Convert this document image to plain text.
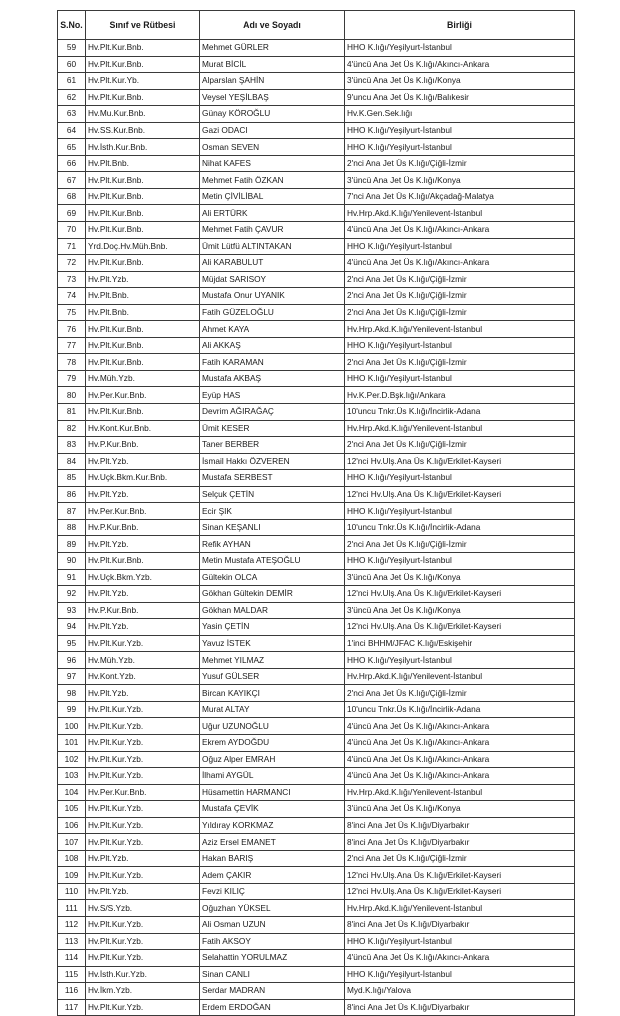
S.No.	Sınıf ve Rütbesi	Adı ve Soyadı	Birliği
59	Hv.Plt.Kur.Bnb.	Mehmet GÜRLER	HHO K.lığı/Yeşilyurt-İstanbul
60	Hv.Plt.Kur.Bnb.	Murat BİCİL	4'üncü Ana Jet Üs K.lığı/Akıncı-Ankara
61	Hv.Plt.Kur.Yb.	Alparslan ŞAHİN	3'üncü Ana Jet Üs K.lığı/Konya
62	Hv.Plt.Kur.Bnb.	Veysel YEŞİLBAŞ	9'uncu Ana Jet Üs K.lığı/Balıkesir
63	Hv.Mu.Kur.Bnb.	Günay KÖROĞLU	Hv.K.Gen.Sek.lığı
64	Hv.SS.Kur.Bnb.	Gazi ODACI	HHO K.lığı/Yeşilyurt-İstanbul
65	Hv.İsth.Kur.Bnb.	Osman SEVEN	HHO K.lığı/Yeşilyurt-İstanbul
66	Hv.Plt.Bnb.	Nihat KAFES	2'nci Ana Jet Üs K.lığı/Çiğli-İzmir
67	Hv.Plt.Kur.Bnb.	Mehmet Fatih ÖZKAN	3'üncü Ana Jet Üs K.lığı/Konya
68	Hv.Plt.Kur.Bnb.	Metin ÇİVİLİBAL	7'nci Ana Jet Üs K.lığı/Akçadağ-Malatya
69	Hv.Plt.Kur.Bnb.	Ali ERTÜRK	Hv.Hrp.Akd.K.lığı/Yenilevent-İstanbul
70	Hv.Plt.Kur.Bnb.	Mehmet Fatih ÇAVUR	4'üncü Ana Jet Üs K.lığı/Akıncı-Ankara
71	Yrd.Doç.Hv.Müh.Bnb.	Ümit Lütfü ALTINTAKAN	HHO K.lığı/Yeşilyurt-İstanbul
72	Hv.Plt.Kur.Bnb.	Ali KARABULUT	4'üncü Ana Jet Üs K.lığı/Akıncı-Ankara
73	Hv.Plt.Yzb.	Müjdat SARISOY	2'nci Ana Jet Üs K.lığı/Çiğli-İzmir
74	Hv.Plt.Bnb.	Mustafa Onur UYANIK	2'nci Ana Jet Üs K.lığı/Çiğli-İzmir
75	Hv.Plt.Bnb.	Fatih GÜZELOĞLU	2'nci Ana Jet Üs K.lığı/Çiğli-İzmir
76	Hv.Plt.Kur.Bnb.	Ahmet KAYA	Hv.Hrp.Akd.K.lığı/Yenilevent-İstanbul
77	Hv.Plt.Kur.Bnb.	Ali AKKAŞ	HHO K.lığı/Yeşilyurt-İstanbul
78	Hv.Plt.Kur.Bnb.	Fatih KARAMAN	2'nci Ana Jet Üs K.lığı/Çiğli-İzmir
79	Hv.Müh.Yzb.	Mustafa AKBAŞ	HHO K.lığı/Yeşilyurt-İstanbul
80	Hv.Per.Kur.Bnb.	Eyüp HAS	Hv.K.Per.D.Bşk.lığı/Ankara
81	Hv.Plt.Kur.Bnb.	Devrim AĞIRAĞAÇ	10'uncu Tnkr.Üs K.lığı/İncirlik-Adana
82	Hv.Kont.Kur.Bnb.	Ümit KESER	Hv.Hrp.Akd.K.lığı/Yenilevent-İstanbul
83	Hv.P.Kur.Bnb.	Taner BERBER	2'nci Ana Jet Üs K.lığı/Çiğli-İzmir
84	Hv.Plt.Yzb.	İsmail Hakkı ÖZVEREN	12'nci Hv.Ulş.Ana Üs K.lığı/Erkilet-Kayseri
85	Hv.Uçk.Bkm.Kur.Bnb.	Mustafa SERBEST	HHO K.lığı/Yeşilyurt-İstanbul
86	Hv.Plt.Yzb.	Selçuk ÇETİN	12'nci Hv.Ulş.Ana Üs K.lığı/Erkilet-Kayseri
87	Hv.Per.Kur.Bnb.	Ecir ŞIK	HHO K.lığı/Yeşilyurt-İstanbul
88	Hv.P.Kur.Bnb.	Sinan KEŞANLI	10'uncu Tnkr.Üs K.lığı/İncirlik-Adana
89	Hv.Plt.Yzb.	Refik AYHAN	2'nci Ana Jet Üs K.lığı/Çiğli-İzmir
90	Hv.Plt.Kur.Bnb.	Metin Mustafa ATEŞOĞLU	HHO K.lığı/Yeşilyurt-İstanbul
91	Hv.Uçk.Bkm.Yzb.	Gültekin OLCA	3'üncü Ana Jet Üs K.lığı/Konya
92	Hv.Plt.Yzb.	Gökhan Gültekin DEMİR	12'nci Hv.Ulş.Ana Üs K.lığı/Erkilet-Kayseri
93	Hv.P.Kur.Bnb.	Gökhan MALDAR	3'üncü Ana Jet Üs K.lığı/Konya
94	Hv.Plt.Yzb.	Yasin ÇETİN	12'nci Hv.Ulş.Ana Üs K.lığı/Erkilet-Kayseri
95	Hv.Plt.Kur.Yzb.	Yavuz İSTEK	1'inci BHHM/JFAC K.lığı/Eskişehir
96	Hv.Müh.Yzb.	Mehmet YILMAZ	HHO K.lığı/Yeşilyurt-İstanbul
97	Hv.Kont.Yzb.	Yusuf GÜLSER	Hv.Hrp.Akd.K.lığı/Yenilevent-İstanbul
98	Hv.Plt.Yzb.	Bircan KAYIKÇI	2'nci Ana Jet Üs K.lığı/Çiğli-İzmir
99	Hv.Plt.Kur.Yzb.	Murat ALTAY	10'uncu Tnkr.Üs K.lığı/İncirlik-Adana
100	Hv.Plt.Kur.Yzb.	Uğur UZUNOĞLU	4'üncü Ana Jet Üs K.lığı/Akıncı-Ankara
101	Hv.Plt.Kur.Yzb.	Ekrem AYDOĞDU	4'üncü Ana Jet Üs K.lığı/Akıncı-Ankara
102	Hv.Plt.Kur.Yzb.	Oğuz Alper EMRAH	4'üncü Ana Jet Üs K.lığı/Akıncı-Ankara
103	Hv.Plt.Kur.Yzb.	İlhami AYGÜL	4'üncü Ana Jet Üs K.lığı/Akıncı-Ankara
104	Hv.Per.Kur.Bnb.	Hüsamettin HARMANCI	Hv.Hrp.Akd.K.lığı/Yenilevent-İstanbul
105	Hv.Plt.Kur.Yzb.	Mustafa ÇEVİK	3'üncü Ana Jet Üs K.lığı/Konya
106	Hv.Plt.Kur.Yzb.	Yıldıray KORKMAZ	8'inci Ana Jet Üs K.lığı/Diyarbakır
107	Hv.Plt.Kur.Yzb.	Aziz Ersel EMANET	8'inci Ana Jet Üs K.lığı/Diyarbakır
108	Hv.Plt.Yzb.	Hakan BARIŞ	2'nci Ana Jet Üs K.lığı/Çiğli-İzmir
109	Hv.Plt.Kur.Yzb.	Adem ÇAKIR	12'nci Hv.Ulş.Ana Üs K.lığı/Erkilet-Kayseri
110	Hv.Plt.Yzb.	Fevzi KILIÇ	12'nci Hv.Ulş.Ana Üs K.lığı/Erkilet-Kayseri
111	Hv.S/S.Yzb.	Oğuzhan YÜKSEL	Hv.Hrp.Akd.K.lığı/Yenilevent-İstanbul
112	Hv.Plt.Kur.Yzb.	Ali Osman UZUN	8'inci Ana Jet Üs K.lığı/Diyarbakır
113	Hv.Plt.Kur.Yzb.	Fatih AKSOY	HHO K.lığı/Yeşilyurt-İstanbul
114	Hv.Plt.Kur.Yzb.	Selahattin YORULMAZ	4'üncü Ana Jet Üs K.lığı/Akıncı-Ankara
115	Hv.İsth.Kur.Yzb.	Sinan CANLI	HHO K.lığı/Yeşilyurt-İstanbul
116	Hv.İkm.Yzb.	Serdar MADRAN	Myd.K.lığı/Yalova
117	Hv.Plt.Kur.Yzb.	Erdem ERDOĞAN	8'inci Ana Jet Üs K.lığı/Diyarbakır
